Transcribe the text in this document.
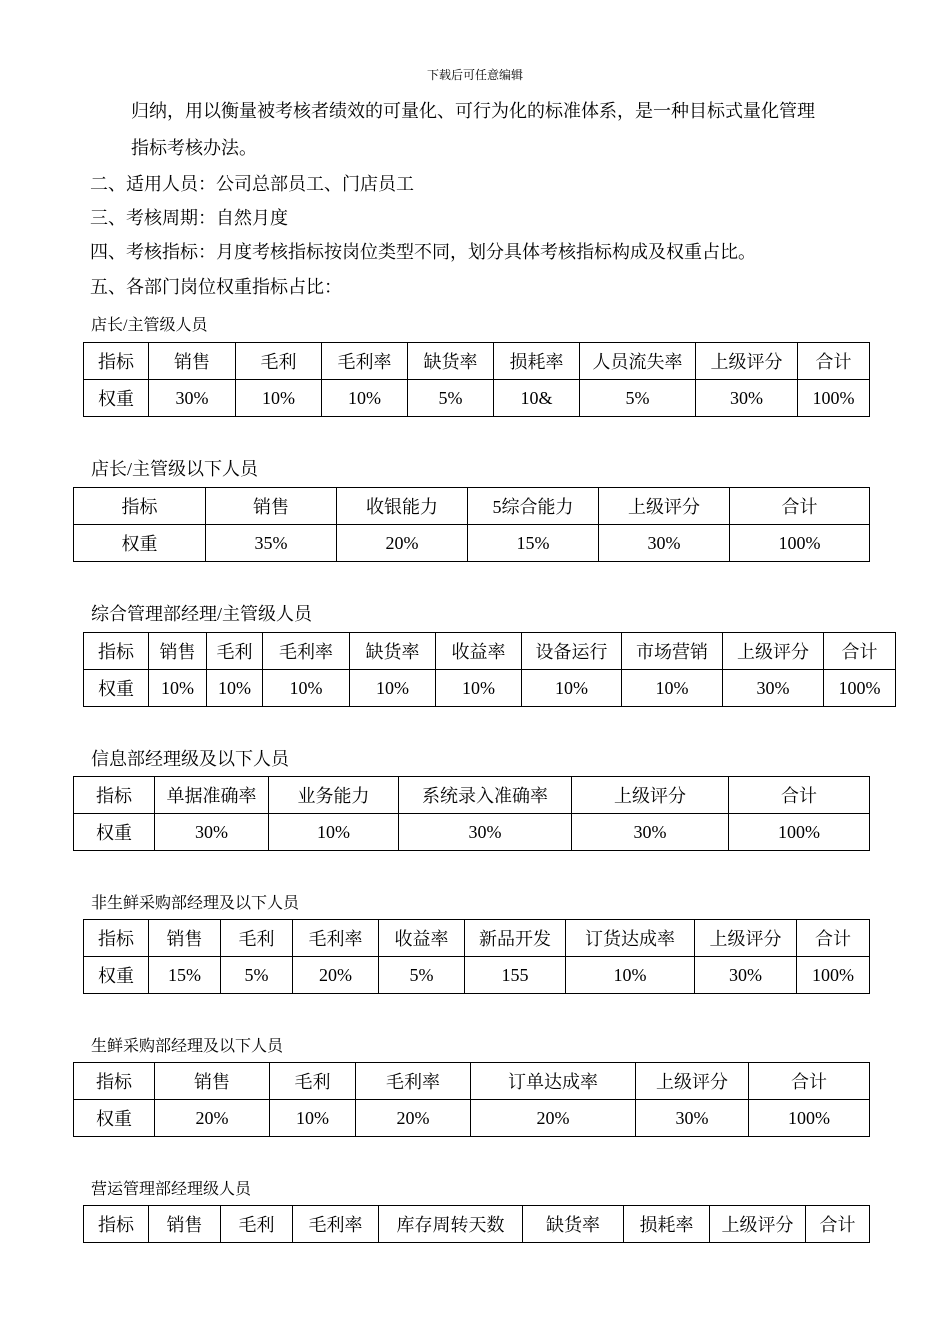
下载后可任意编辑
归纳，用以衡量被考核者绩效的可量化、可行为化的标准体系，是一种目标式量化管理
指标考核办法。
二、适用人员：公司总部员工、门店员工
三、考核周期：自然月度
四、考核指标：月度考核指标按岗位类型不同，划分具体考核指标构成及权重占比。
五、各部门岗位权重指标占比：
店长/主管级人员
指标	销售	毛利	毛利率	缺货率	损耗率	人员流失率	上级评分	合计
权重	30%	10%	10%	5%	10&	5%	30%	100%
店长/主管级以下人员
指标	销售	收银能力	5综合能力	上级评分	合计
权重	35%	20%	15%	30%	100%
综合管理部经理/主管级人员
指标	销售	毛利	毛利率	缺货率	收益率	设备运行	市场营销	上级评分	合计
权重	10%	10%	10%	10%	10%	10%	10%	30%	100%
信息部经理级及以下人员
指标	单据准确率	业务能力	系统录入准确率	上级评分	合计
权重	30%	10%	30%	30%	100%
非生鲜采购部经理及以下人员
指标	销售	毛利	毛利率	收益率	新品开发	订货达成率	上级评分	合计
权重	15%	5%	20%	5%	155	10%	30%	100%
生鲜采购部经理及以下人员
指标	销售	毛利	毛利率	订单达成率	上级评分	合计
权重	20%	10%	20%	20%	30%	100%
营运管理部经理级人员
指标	销售	毛利	毛利率	库存周转天数	缺货率	损耗率	上级评分	合计
